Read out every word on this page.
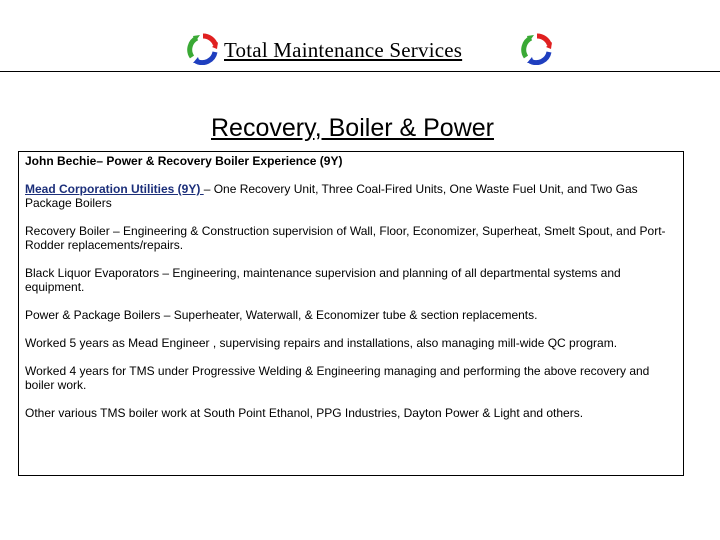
Total Maintenance Services
Recovery, Boiler & Power

John Bechie– Power & Recovery Boiler Experience (9Y)

Mead Corporation Utilities (9Y) – One Recovery Unit, Three Coal-Fired Units, One Waste Fuel Unit, and Two Gas Package Boilers

Recovery Boiler – Engineering & Construction supervision of Wall, Floor, Economizer, Superheat, Smelt Spout, and Port-Rodder replacements/repairs.

Black Liquor Evaporators – Engineering, maintenance supervision and planning of all departmental systems and equipment.

Power & Package Boilers – Superheater, Waterwall, & Economizer tube & section replacements.

Worked 5 years as Mead Engineer , supervising repairs and installations, also managing mill-wide QC program.

Worked 4 years for TMS under Progressive Welding & Engineering managing and performing the above recovery and boiler work.

Other various TMS boiler work at South Point Ethanol, PPG Industries, Dayton Power & Light and others.
